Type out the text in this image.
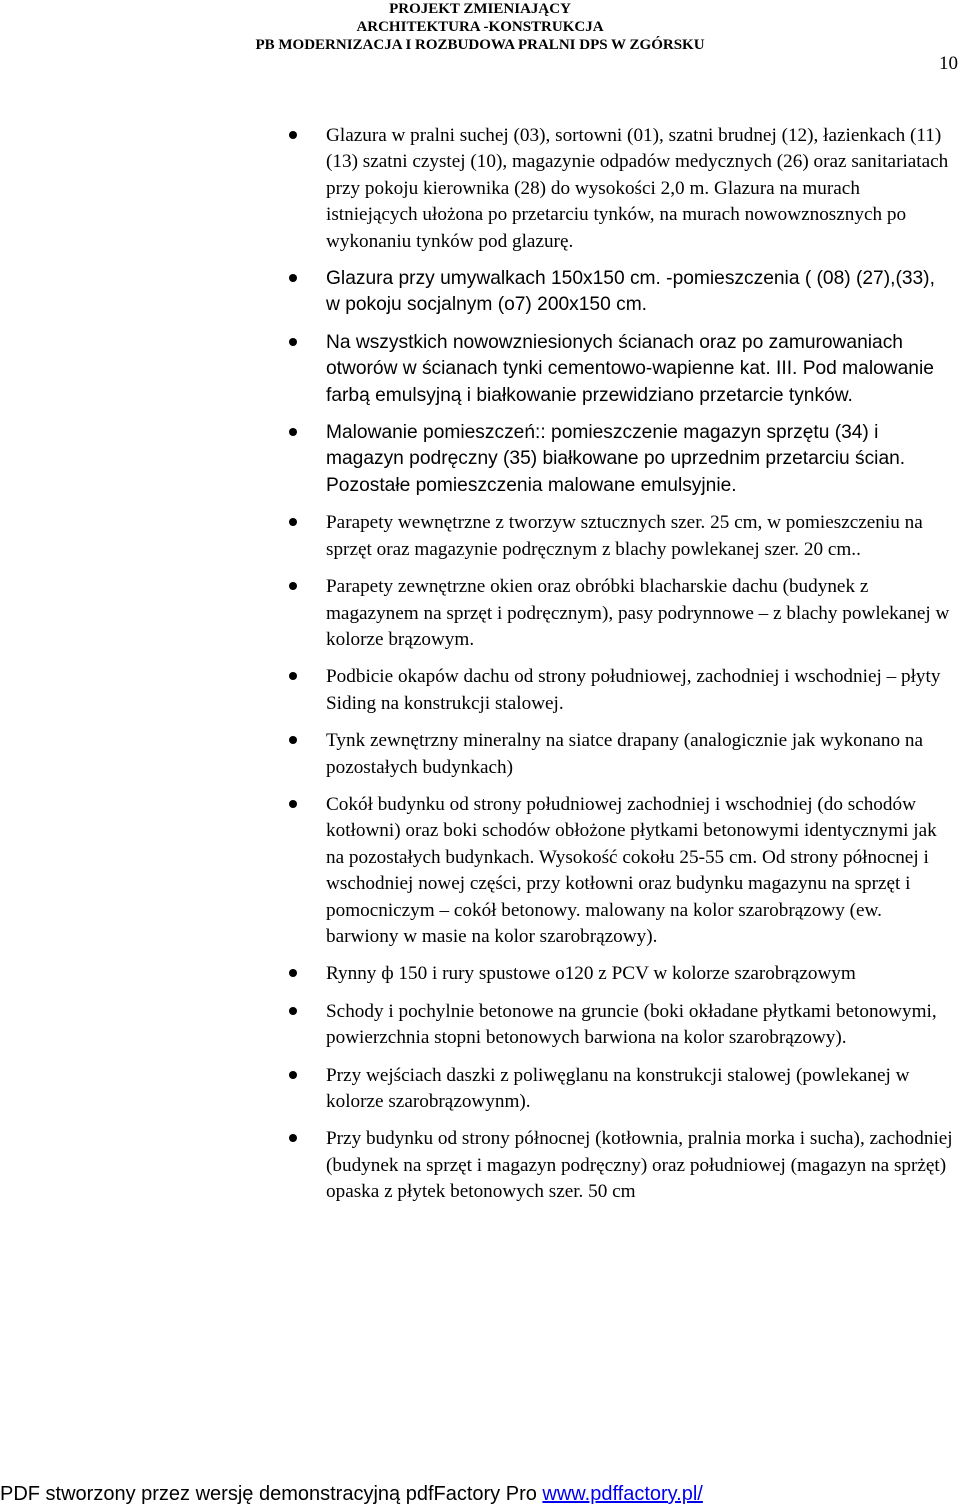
PROJEKT ZMIENIAJĄCY
ARCHITEKTURA -KONSTRUKCJA
PB MODERNIZACJA I ROZBUDOWA PRALNI DPS W ZGÓRSKU
10
Glazura w pralni suchej (03), sortowni (01), szatni brudnej (12), łazienkach (11) (13) szatni czystej (10), magazynie odpadów medycznych (26) oraz sanitariatach przy pokoju kierownika (28) do wysokości 2,0 m. Glazura na murach istniejących ułożona po przetarciu tynków, na murach nowowznosznych po wykonaniu tynków pod glazurę.
Glazura przy umywalkach 150x150 cm. -pomieszczenia ( (08) (27),(33), w pokoju socjalnym (o7) 200x150 cm.
Na wszystkich nowowzniesionych ścianach oraz po zamurowaniach otworów w ścianach tynki cementowo-wapienne kat. III. Pod malowanie farbą emulsyjną i białkowanie przewidziano przetarcie tynków.
Malowanie pomieszczeń:: pomieszczenie magazyn sprzętu (34) i magazyn podręczny (35) białkowane po uprzednim przetarciu ścian. Pozostałe pomieszczenia malowane emulsyjnie.
Parapety wewnętrzne z tworzyw sztucznych szer. 25 cm, w pomieszczeniu na sprzęt oraz magazynie podręcznym z blachy powlekanej szer. 20 cm..
Parapety zewnętrzne okien oraz obróbki blacharskie dachu (budynek z magazynem na sprzęt i podręcznym), pasy podrynnowe – z blachy powlekanej w kolorze brązowym.
Podbicie okapów dachu od strony południowej, zachodniej i wschodniej – płyty Siding na konstrukcji stalowej.
Tynk zewnętrzny mineralny na siatce drapany (analogicznie jak wykonano na pozostałych budynkach)
Cokół budynku od strony południowej zachodniej i wschodniej (do schodów kotłowni) oraz boki schodów obłożone płytkami betonowymi identycznymi jak na pozostałych budynkach. Wysokość cokołu 25-55 cm. Od strony północnej i wschodniej nowej części, przy kotłowni oraz budynku magazynu na sprzęt i pomocniczym – cokół betonowy. malowany na kolor szarobrązowy (ew. barwiony w masie na kolor szarobrązowy).
Rynny ф 150 i rury spustowe o120 z PCV w kolorze szarobrązowym
Schody i pochylnie betonowe na gruncie (boki okładane płytkami betonowymi, powierzchnia stopni betonowych barwiona na kolor szarobrązowy).
Przy wejściach daszki z poliwęglanu na konstrukcji stalowej (powlekanej w kolorze szarobrązowynm).
Przy budynku od strony północnej (kotłownia, pralnia morka i sucha), zachodniej (budynek na sprzęt i magazyn podręczny) oraz południowej (magazyn na sprżęt) opaska z płytek betonowych szer. 50 cm
PDF stworzony przez wersję demonstracyjną pdfFactory Pro www.pdffactory.pl/
